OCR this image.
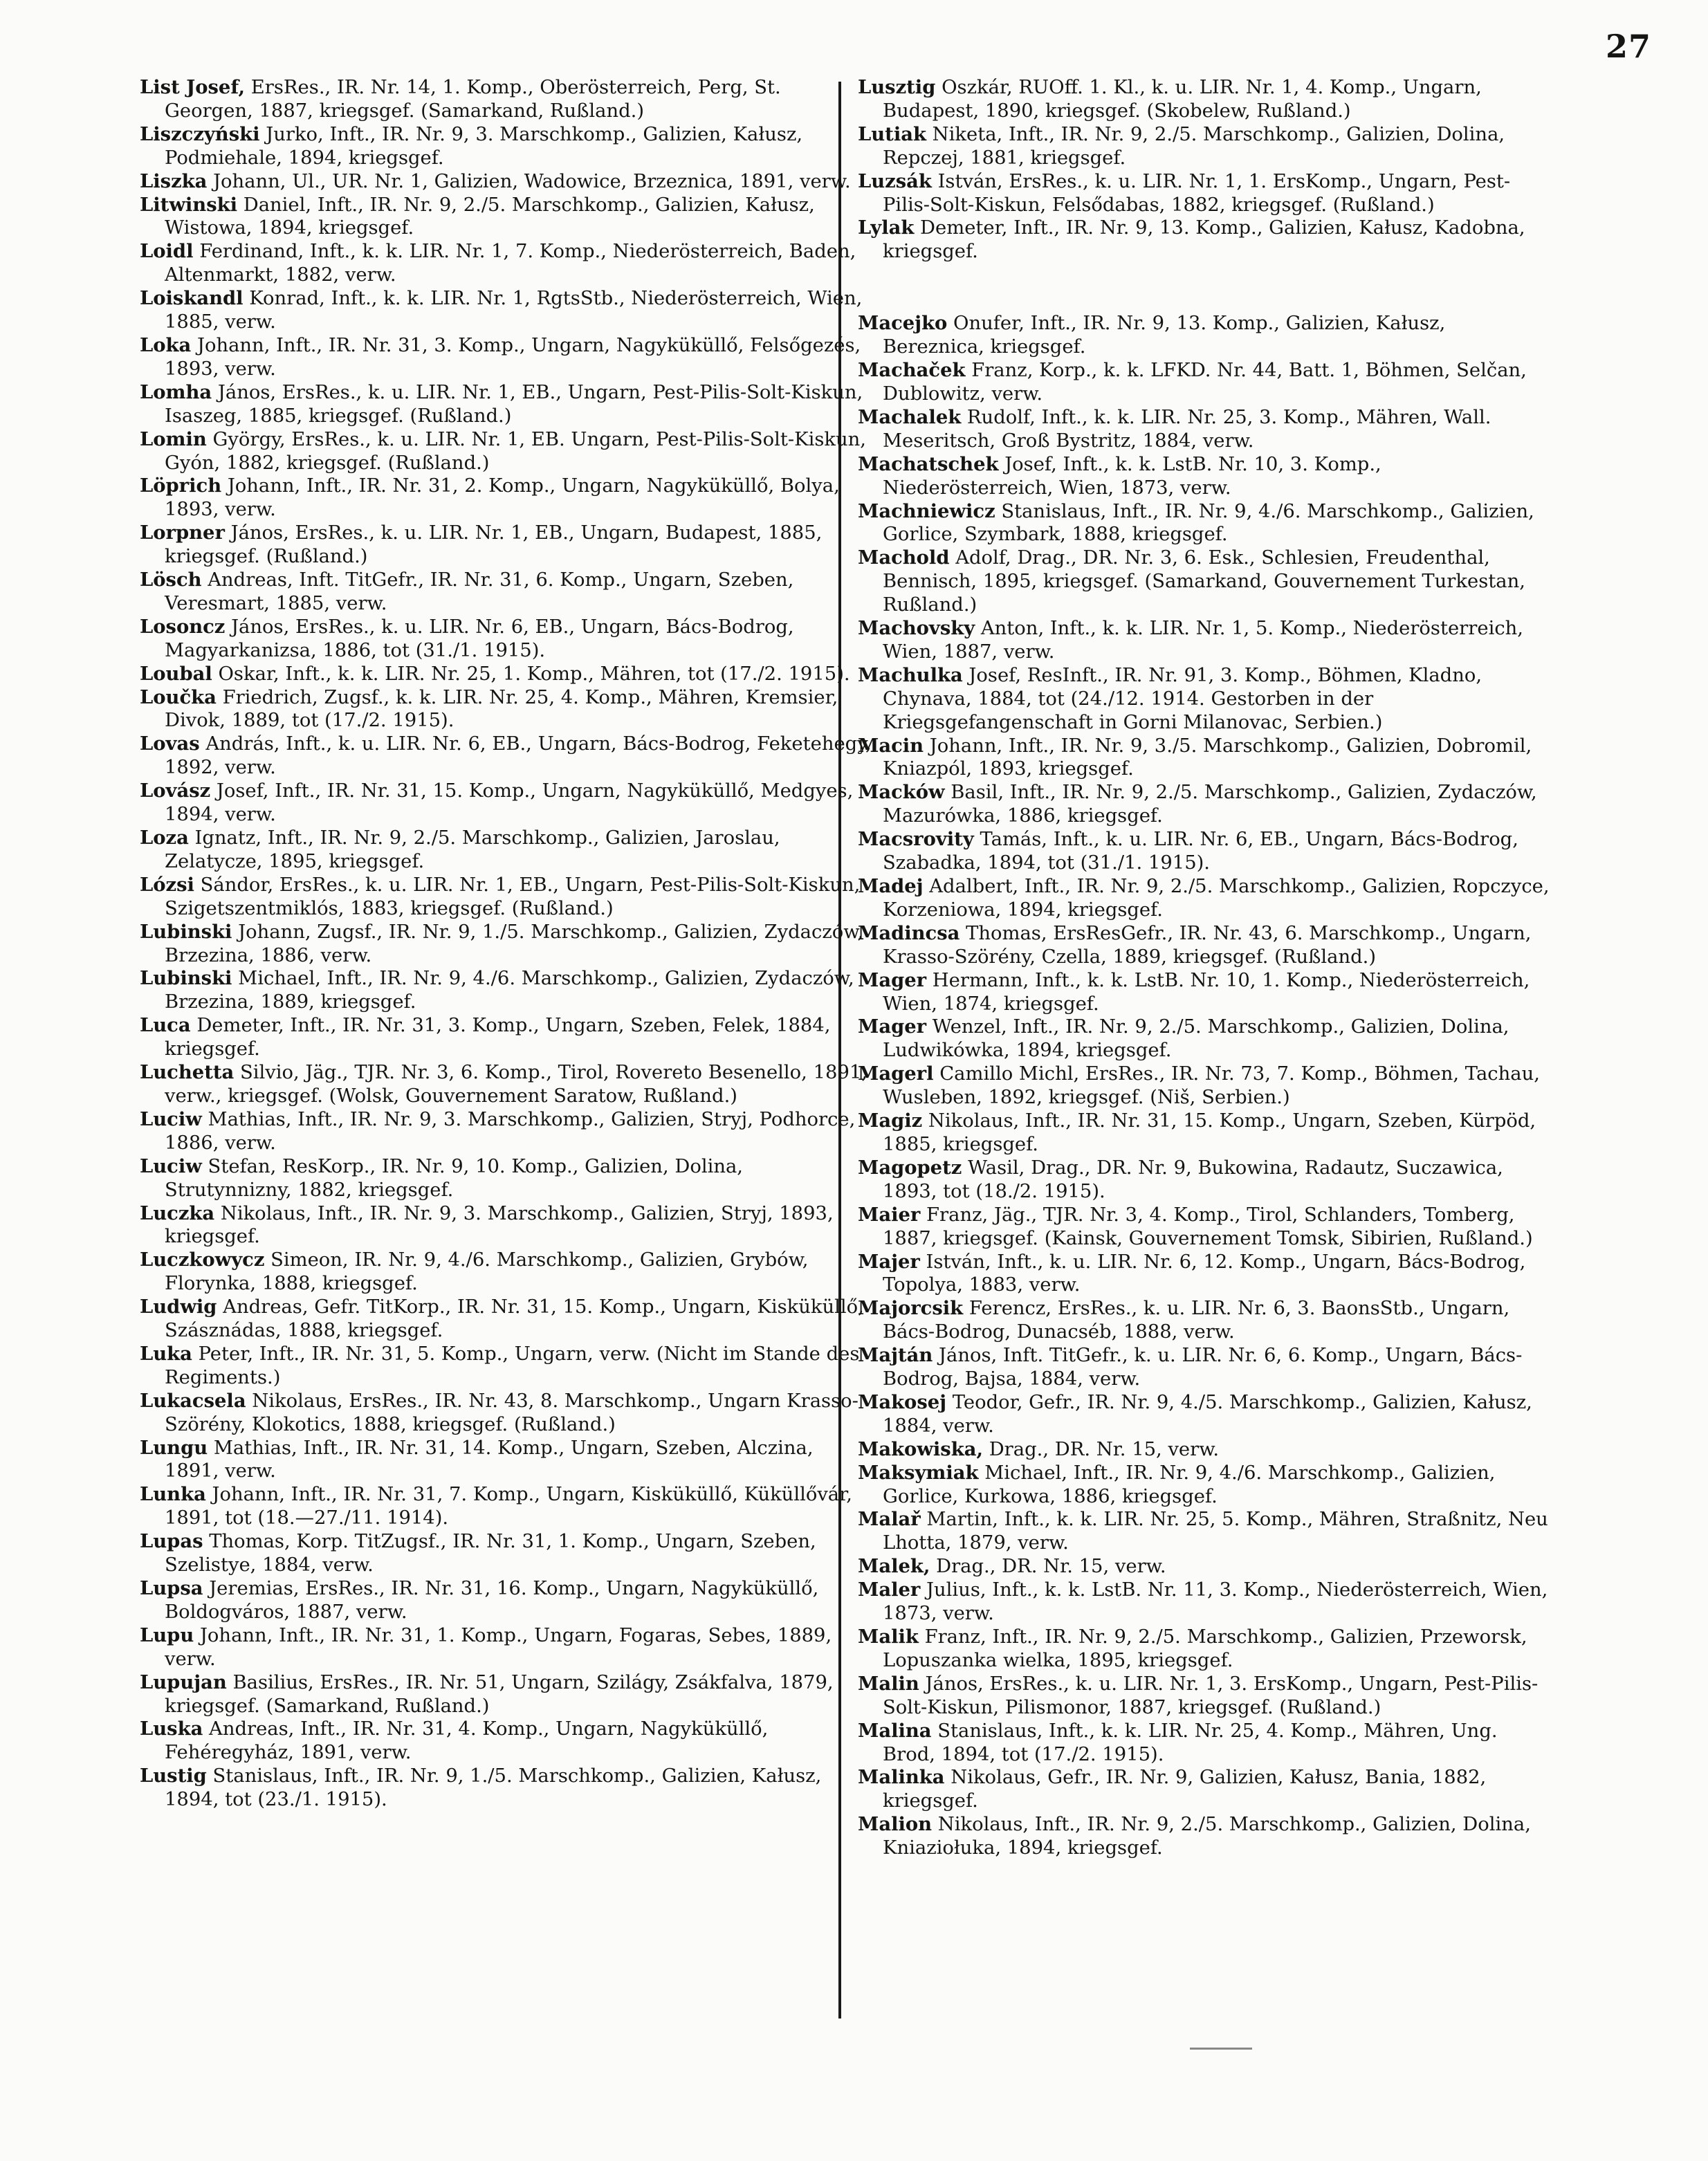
27
List Josef, ErsRes., IR. Nr. 14, 1. Komp., Oberösterreich, Perg, St. Georgen, 1887, kriegsgef. (Samarkand, Rußland.)
Liszczyński Jurko, Inft., IR. Nr. 9, 3. Marschkomp., Galizien, Kałusz, Podmiehale, 1894, kriegsgef.
Liszka Johann, Ul., UR. Nr. 1, Galizien, Wadowice, Brzeznica, 1891, verw.
Litwinski Daniel, Inft., IR. Nr. 9, 2./5. Marschkomp., Galizien, Kałusz, Wistowa, 1894, kriegsgef.
Loidl Ferdinand, Inft., k. k. LIR. Nr. 1, 7. Komp., Niederösterreich, Baden, Altenmarkt, 1882, verw.
Loiskandl Konrad, Inft., k. k. LIR. Nr. 1, RgtsStb., Niederösterreich, Wien, 1885, verw.
Loka Johann, Inft., IR. Nr. 31, 3. Komp., Ungarn, Nagyküküllő, Felsőgezés, 1893, verw.
Lomha János, ErsRes., k. u. LIR. Nr. 1, EB., Ungarn, Pest-Pilis-Solt-Kiskun, Isaszeg, 1885, kriegsgef. (Rußland.)
Lomin György, ErsRes., k. u. LIR. Nr. 1, EB. Ungarn, Pest-Pilis-Solt-Kiskun, Gyón, 1882, kriegsgef. (Rußland.)
Löprich Johann, Inft., IR. Nr. 31, 2. Komp., Ungarn, Nagyküküllő, Bolya, 1893, verw.
Lorpner János, ErsRes., k. u. LIR. Nr. 1, EB., Ungarn, Budapest, 1885, kriegsgef. (Rußland.)
Lösch Andreas, Inft. TitGefr., IR. Nr. 31, 6. Komp., Ungarn, Szeben, Veresmart, 1885, verw.
Losoncz János, ErsRes., k. u. LIR. Nr. 6, EB., Ungarn, Bács-Bodrog, Magyarkanizsa, 1886, tot (31./1. 1915).
Loubal Oskar, Inft., k. k. LIR. Nr. 25, 1. Komp., Mähren, tot (17./2. 1915).
Loučka Friedrich, Zugsf., k. k. LIR. Nr. 25, 4. Komp., Mähren, Kremsier, Divok, 1889, tot (17./2. 1915).
Lovas András, Inft., k. u. LIR. Nr. 6, EB., Ungarn, Bács-Bodrog, Feketehegy, 1892, verw.
Lovász Josef, Inft., IR. Nr. 31, 15. Komp., Ungarn, Nagyküküllő, Medgyes, 1894, verw.
Loza Ignatz, Inft., IR. Nr. 9, 2./5. Marschkomp., Galizien, Jaroslau, Zelatycze, 1895, kriegsgef.
Lózsi Sándor, ErsRes., k. u. LIR. Nr. 1, EB., Ungarn, Pest-Pilis-Solt-Kiskun, Szigetszentmiklós, 1883, kriegsgef. (Rußland.)
Lubinski Johann, Zugsf., IR. Nr. 9, 1./5. Marschkomp., Galizien, Zydaczów, Brzezina, 1886, verw.
Lubinski Michael, Inft., IR. Nr. 9, 4./6. Marschkomp., Galizien, Zydaczów, Brzezina, 1889, kriegsgef.
Luca Demeter, Inft., IR. Nr. 31, 3. Komp., Ungarn, Szeben, Felek, 1884, kriegsgef.
Luchetta Silvio, Jäg., TJR. Nr. 3, 6. Komp., Tirol, Rovereto Besenello, 1891, verw., kriegsgef. (Wolsk, Gouvernement Saratow, Rußland.)
Luciw Mathias, Inft., IR. Nr. 9, 3. Marschkomp., Galizien, Stryj, Podhorce, 1886, verw.
Luciw Stefan, ResKorp., IR. Nr. 9, 10. Komp., Galizien, Dolina, Strutynnizny, 1882, kriegsgef.
Luczka Nikolaus, Inft., IR. Nr. 9, 3. Marschkomp., Galizien, Stryj, 1893, kriegsgef.
Luczkowycz Simeon, IR. Nr. 9, 4./6. Marschkomp., Galizien, Grybów, Florynka, 1888, kriegsgef.
Ludwig Andreas, Gefr. TitKorp., IR. Nr. 31, 15. Komp., Ungarn, Kisküküllő, Szásznádas, 1888, kriegsgef.
Luka Peter, Inft., IR. Nr. 31, 5. Komp., Ungarn, verw. (Nicht im Stande des Regiments.)
Lukacsela Nikolaus, ErsRes., IR. Nr. 43, 8. Marschkomp., Ungarn Krasso-Szörény, Klokotics, 1888, kriegsgef. (Rußland.)
Lungu Mathias, Inft., IR. Nr. 31, 14. Komp., Ungarn, Szeben, Alczina, 1891, verw.
Lunka Johann, Inft., IR. Nr. 31, 7. Komp., Ungarn, Kisküküllő, Küküllővár, 1891, tot (18.—27./11. 1914).
Lupas Thomas, Korp. TitZugsf., IR. Nr. 31, 1. Komp., Ungarn, Szeben, Szelistye, 1884, verw.
Lupsa Jeremias, ErsRes., IR. Nr. 31, 16. Komp., Ungarn, Nagyküküllő, Boldogváros, 1887, verw.
Lupu Johann, Inft., IR. Nr. 31, 1. Komp., Ungarn, Fogaras, Sebes, 1889, verw.
Lupujan Basilius, ErsRes., IR. Nr. 51, Ungarn, Szilágy, Zsákfalva, 1879, kriegsgef. (Samarkand, Rußland.)
Luska Andreas, Inft., IR. Nr. 31, 4. Komp., Ungarn, Nagyküküllő, Fehéregyház, 1891, verw.
Lustig Stanislaus, Inft., IR. Nr. 9, 1./5. Marschkomp., Galizien, Kałusz, 1894, tot (23./1. 1915).
Lusztig Oszkár, RUOff. 1. Kl., k. u. LIR. Nr. 1, 4. Komp., Ungarn, Budapest, 1890, kriegsgef. (Skobelew, Rußland.)
Lutiak Niketa, Inft., IR. Nr. 9, 2./5. Marschkomp., Galizien, Dolina, Repczej, 1881, kriegsgef.
Luzsák István, ErsRes., k. u. LIR. Nr. 1, 1. ErsKomp., Ungarn, Pest-Pilis-Solt-Kiskun, Felsődabas, 1882, kriegsgef. (Rußland.)
Lylak Demeter, Inft., IR. Nr. 9, 13. Komp., Galizien, Kałusz, Kadobna, kriegsgef.
Macejko Onufer, Inft., IR. Nr. 9, 13. Komp., Galizien, Kałusz, Bereznica, kriegsgef.
Machaček Franz, Korp., k. k. LFKD. Nr. 44, Batt. 1, Böhmen, Selčan, Dublowitz, verw.
Machalek Rudolf, Inft., k. k. LIR. Nr. 25, 3. Komp., Mähren, Wall. Meseritsch, Groß Bystritz, 1884, verw.
Machatschek Josef, Inft., k. k. LstB. Nr. 10, 3. Komp., Niederösterreich, Wien, 1873, verw.
Machniewicz Stanislaus, Inft., IR. Nr. 9, 4./6. Marschkomp., Galizien, Gorlice, Szymbark, 1888, kriegsgef.
Machold Adolf, Drag., DR. Nr. 3, 6. Esk., Schlesien, Freudenthal, Bennisch, 1895, kriegsgef. (Samarkand, Gouvernement Turkestan, Rußland.)
Machovsky Anton, Inft., k. k. LIR. Nr. 1, 5. Komp., Niederösterreich, Wien, 1887, verw.
Machulka Josef, ResInft., IR. Nr. 91, 3. Komp., Böhmen, Kladno, Chynava, 1884, tot (24./12. 1914. Gestorben in der Kriegsgefangenschaft in Gorni Milanovac, Serbien.)
Macin Johann, Inft., IR. Nr. 9, 3./5. Marschkomp., Galizien, Dobromil, Kniazpól, 1893, kriegsgef.
Macków Basil, Inft., IR. Nr. 9, 2./5. Marschkomp., Galizien, Zydaczów, Mazurówka, 1886, kriegsgef.
Macsrovity Tamás, Inft., k. u. LIR. Nr. 6, EB., Ungarn, Bács-Bodrog, Szabadka, 1894, tot (31./1. 1915).
Madej Adalbert, Inft., IR. Nr. 9, 2./5. Marschkomp., Galizien, Ropczyce, Korzeniowa, 1894, kriegsgef.
Madincsa Thomas, ErsResGefr., IR. Nr. 43, 6. Marschkomp., Ungarn, Krasso-Szörény, Czella, 1889, kriegsgef. (Rußland.)
Mager Hermann, Inft., k. k. LstB. Nr. 10, 1. Komp., Niederösterreich, Wien, 1874, kriegsgef.
Mager Wenzel, Inft., IR. Nr. 9, 2./5. Marschkomp., Galizien, Dolina, Ludwikówka, 1894, kriegsgef.
Magerl Camillo Michl, ErsRes., IR. Nr. 73, 7. Komp., Böhmen, Tachau, Wusleben, 1892, kriegsgef. (Niš, Serbien.)
Magiz Nikolaus, Inft., IR. Nr. 31, 15. Komp., Ungarn, Szeben, Kürpöd, 1885, kriegsgef.
Magopetz Wasil, Drag., DR. Nr. 9, Bukowina, Radautz, Suczawica, 1893, tot (18./2. 1915).
Maier Franz, Jäg., TJR. Nr. 3, 4. Komp., Tirol, Schlanders, Tomberg, 1887, kriegsgef. (Kainsk, Gouvernement Tomsk, Sibirien, Rußland.)
Majer István, Inft., k. u. LIR. Nr. 6, 12. Komp., Ungarn, Bács-Bodrog, Topolya, 1883, verw.
Majorcsik Ferencz, ErsRes., k. u. LIR. Nr. 6, 3. BaonsStb., Ungarn, Bács-Bodrog, Dunacséb, 1888, verw.
Majtán János, Inft. TitGefr., k. u. LIR. Nr. 6, 6. Komp., Ungarn, Bács-Bodrog, Bajsa, 1884, verw.
Makosej Teodor, Gefr., IR. Nr. 9, 4./5. Marschkomp., Galizien, Kałusz, 1884, verw.
Makowiska, Drag., DR. Nr. 15, verw.
Maksymiak Michael, Inft., IR. Nr. 9, 4./6. Marschkomp., Galizien, Gorlice, Kurkowa, 1886, kriegsgef.
Malař Martin, Inft., k. k. LIR. Nr. 25, 5. Komp., Mähren, Straßnitz, Neu Lhotta, 1879, verw.
Malek, Drag., DR. Nr. 15, verw.
Maler Julius, Inft., k. k. LstB. Nr. 11, 3. Komp., Niederösterreich, Wien, 1873, verw.
Malik Franz, Inft., IR. Nr. 9, 2./5. Marschkomp., Galizien, Przeworsk, Lopuszanka wielka, 1895, kriegsgef.
Malin János, ErsRes., k. u. LIR. Nr. 1, 3. ErsKomp., Ungarn, Pest-Pilis-Solt-Kiskun, Pilismonor, 1887, kriegsgef. (Rußland.)
Malina Stanislaus, Inft., k. k. LIR. Nr. 25, 4. Komp., Mähren, Ung. Brod, 1894, tot (17./2. 1915).
Malinka Nikolaus, Gefr., IR. Nr. 9, Galizien, Kałusz, Bania, 1882, kriegsgef.
Malion Nikolaus, Inft., IR. Nr. 9, 2./5. Marschkomp., Galizien, Dolina, Kniaziołuka, 1894, kriegsgef.
